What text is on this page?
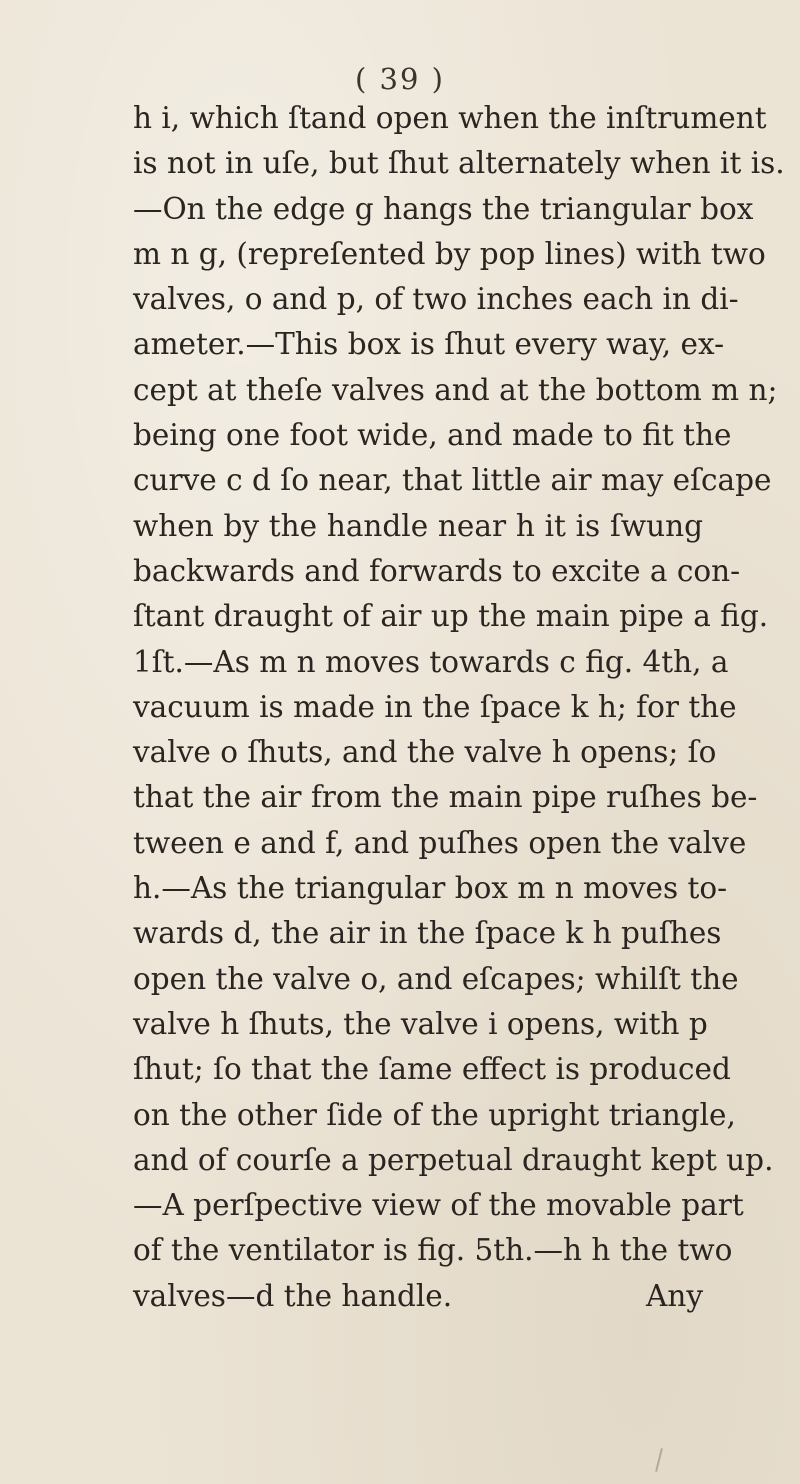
( 39 )
h i, which ſtand open when the inſtrument
is not in uſe, but ſhut alternately when it is.
—On the edge g hangs the triangular box
m n g, (repreſented by pop lines) with two
valves, o and p, of two inches each in di-
ameter.—This box is ſhut every way, ex-
cept at theſe valves and at the bottom m n;
being one foot wide, and made to fit the
curve c d ſo near, that little air may eſcape
when by the handle near h it is ſwung
backwards and forwards to excite a con-
ſtant draught of air up the main pipe a fig.
1ſt.—As m n moves towards c fig. 4th, a
vacuum is made in the ſpace k h; for the
valve o ſhuts, and the valve h opens; ſo
that the air from the main pipe ruſhes be-
tween e and f, and puſhes open the valve
h.—As the triangular box m n moves to-
wards d, the air in the ſpace k h puſhes
open the valve o, and eſcapes; whilſt the
valve h ſhuts, the valve i opens, with p
ſhut; ſo that the ſame effect is produced
on the other ſide of the upright triangle,
and of courſe a perpetual draught kept up.
—A perſpective view of the movable part
of the ventilator is fig. 5th.—h h the two
valves—d the handle.	Any
